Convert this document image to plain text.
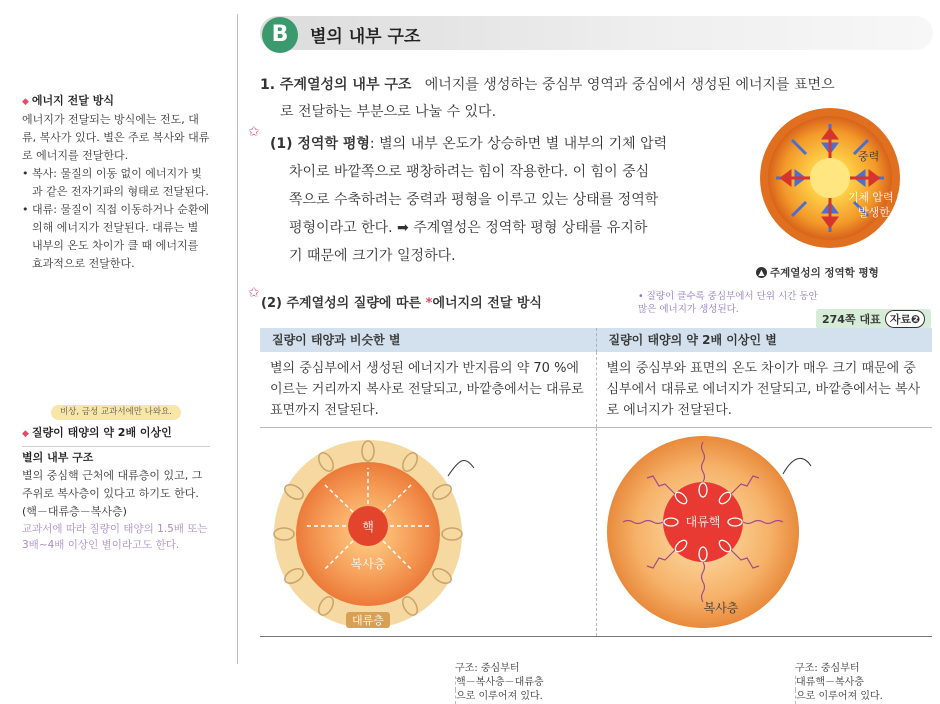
◆ 에너지 전달 방식
에너지가 전달되는 방식에는 전도, 대류, 복사가 있다. 별은 주로 복사와 대류로 에너지를 전달한다.
• 복사: 물질의 이동 없이 에너지가 빛과 같은 전자기파의 형태로 전달된다.
• 대류: 물질이 직접 이동하거나 순환에 의해 에너지가 전달된다. 대류는 별 내부의 온도 차이가 클 때 에너지를 효과적으로 전달한다.
비상, 금성 교과서에만 나와요.
◆ 질량이 태양의 약 2배 이상인
별의 내부 구조
별의 중심핵 근처에 대류층이 있고, 그 주위로 복사층이 있다고 하기도 한다.(핵－대류층－복사층)
교과서에 따라 질량이 태양의 1.5배 또는 3배~4배 이상인 별이라고도 한다.
B	별의 내부 구조
1. 주계열성의 내부 구조 에너지를 생성하는 중심부 영역과 중심에서 생성된 에너지를 표면으
로 전달하는 부분으로 나눌 수 있다.
✩
(1) 정역학 평형: 별의 내부 온도가 상승하면 별 내부의 기체 압력
차이로 바깥쪽으로 팽창하려는 힘이 작용한다. 이 힘이 중심
쪽으로 수축하려는 중력과 평형을 이루고 있는 상태를 정역학
평형이라고 한다. ➡ 주계열성은 정역학 평형 상태를 유지하
기 때문에 크기가 일정하다.
중력
기체 압력 차이로
발생한 힘
▲ 주계열성의 정역학 평형
✩
(2) 주계열성의 질량에 따른 *에너지의 전달 방식	• 질량이 클수록 중심부에서 단위 시간 동안 많은 에너지가 생성된다.
274쪽 대표 자료❷
질량이 태양과 비슷한 별	질량이 태양의 약 2배 이상인 별
별의 중심부에서 생성된 에너지가 반지름의 약 70 %에 이르는 거리까지 복사로 전달되고, 바깥층에서는 대류로 표면까지 전달된다.
별의 중심부와 표면의 온도 차이가 매우 크기 때문에 중심부에서 대류로 에너지가 전달되고, 바깥층에서는 복사로 에너지가 전달된다.
핵
복사층
대류층
구조: 중심부터
핵－복사층－대류층
으로 이루어져 있다.
대류핵
복사층
구조: 중심부터
대류핵－복사층
으로 이루어져 있다.
